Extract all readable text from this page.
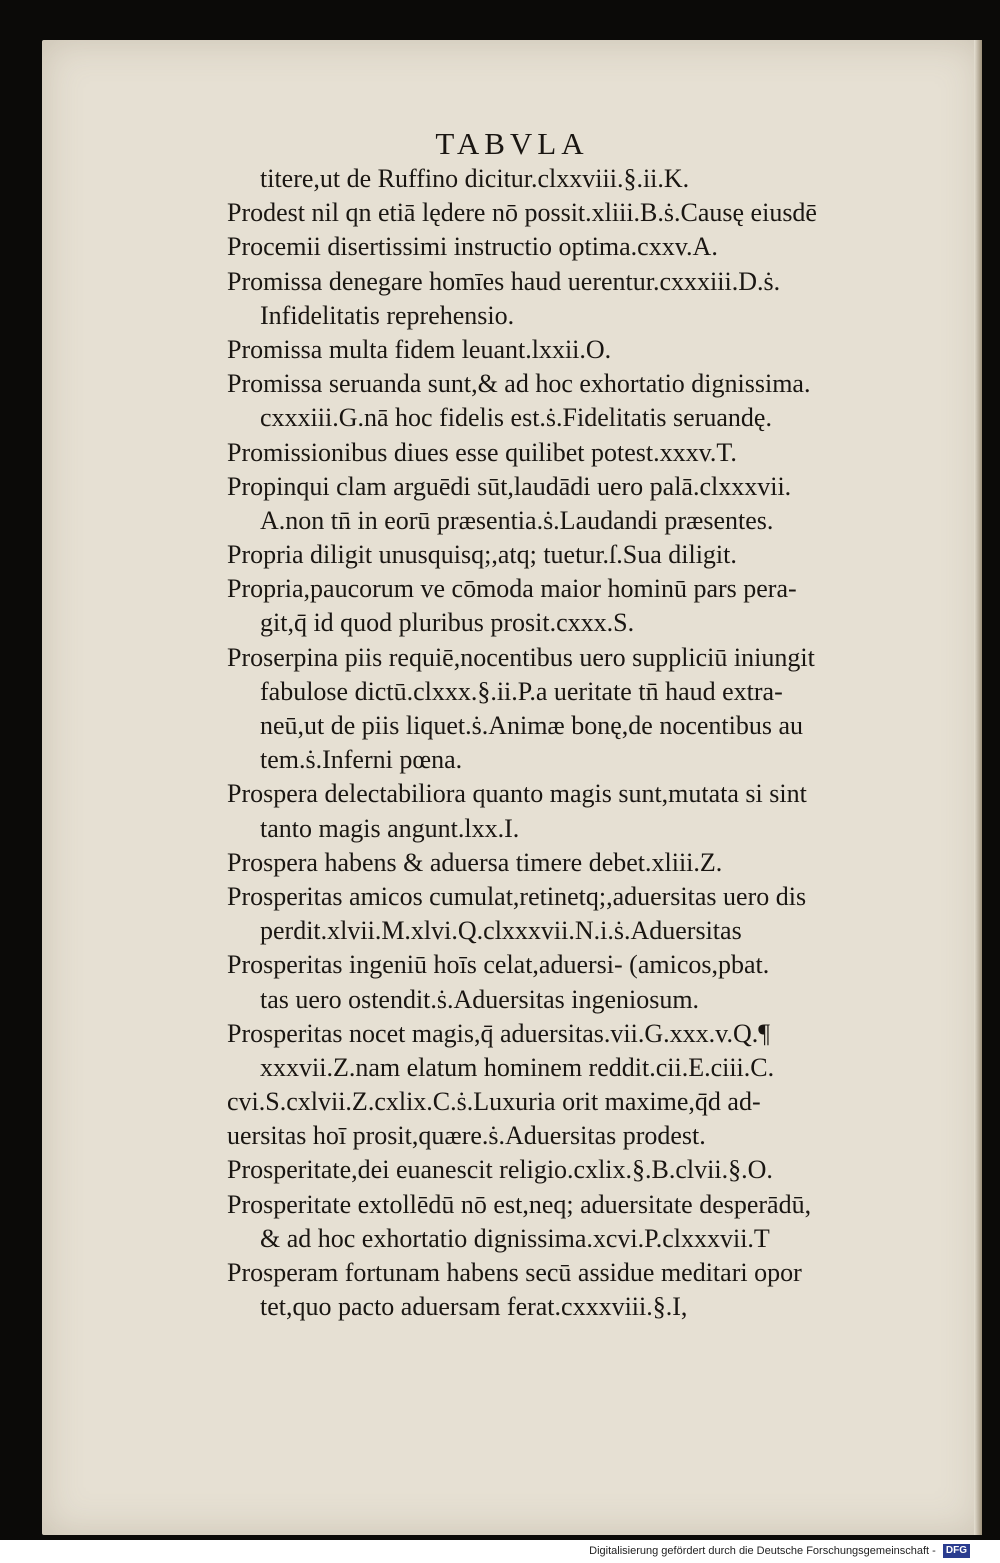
TABVLA
titere,ut de Ruffino dicitur.clxxviii.§.ii.K.
Prodest nil qn etiā lędere nō possit.xliii.B.ṡ.Causę eiusdē
Procemii disertissimi instructio optima.cxxv.A.
Promissa denegare homīes haud uerentur.cxxxiii.D.ṡ.
Infidelitatis reprehensio.
Promissa multa fidem leuant.lxxii.O.
Promissa seruanda sunt,& ad hoc exhortatio dignissima.
cxxxiii.G.nā hoc fidelis est.ṡ.Fidelitatis seruandę.
Promissionibus diues esse quilibet potest.xxxv.T.
Propinqui clam arguēdi sūt,laudādi uero palā.clxxxvii.
A.non tn̄ in eorū præsentia.ṡ.Laudandi præsentes.
Propria diligit unusquisq;,atq; tuetur.ſ.Sua diligit.
Propria,paucorum ve cōmoda maior hominū pars pera-
git,q̄ id quod pluribus prosit.cxxx.S.
Proserpina piis requiē,nocentibus uero suppliciū iniungit
fabulose dictū.clxxx.§.ii.P.a ueritate tn̄ haud extra-
neū,ut de piis liquet.ṡ.Animæ bonę,de nocentibus au
tem.ṡ.Inferni pœna.
Prospera delectabiliora quanto magis sunt,mutata si sint
tanto magis angunt.lxx.I.
Prospera habens & aduersa timere debet.xliii.Z.
Prosperitas amicos cumulat,retinetq;,aduersitas uero dis
perdit.xlvii.M.xlvi.Q.clxxxvii.N.i.ṡ.Aduersitas
Prosperitas ingeniū hoīs celat,aduersi- (amicos,pbat.
tas uero ostendit.ṡ.Aduersitas ingeniosum.
Prosperitas nocet magis,q̄ aduersitas.vii.G.xxx.v.Q.¶
xxxvii.Z.nam elatum hominem reddit.cii.E.ciii.C.
cvi.S.cxlvii.Z.cxlix.C.ṡ.Luxuria orit maxime,q̄d ad-
uersitas hoī prosit,quære.ṡ.Aduersitas prodest.
Prosperitate,dei euanescit religio.cxlix.§.B.clvii.§.O.
Prosperitate extollēdū nō est,neq; aduersitate desperādū,
& ad hoc exhortatio dignissima.xcvi.P.clxxxvii.T
Prosperam fortunam habens secū assidue meditari opor
tet,quo pacto aduersam ferat.cxxxviii.§.I,
Digitalisierung gefördert durch die Deutsche Forschungsgemeinschaft - DFG
